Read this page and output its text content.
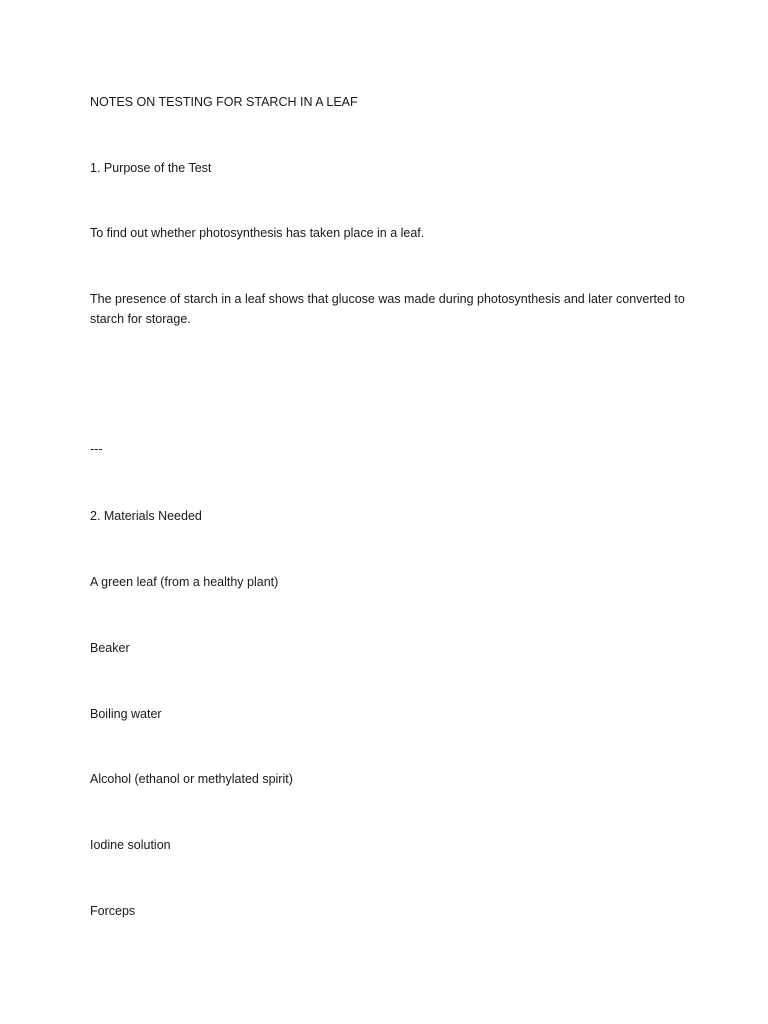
NOTES ON TESTING FOR STARCH IN A LEAF

1. Purpose of the Test

To find out whether photosynthesis has taken place in a leaf.

The presence of starch in a leaf shows that glucose was made during photosynthesis and later converted to starch for storage.

---

2. Materials Needed

A green leaf (from a healthy plant)

Beaker

Boiling water

Alcohol (ethanol or methylated spirit)

Iodine solution

Forceps
